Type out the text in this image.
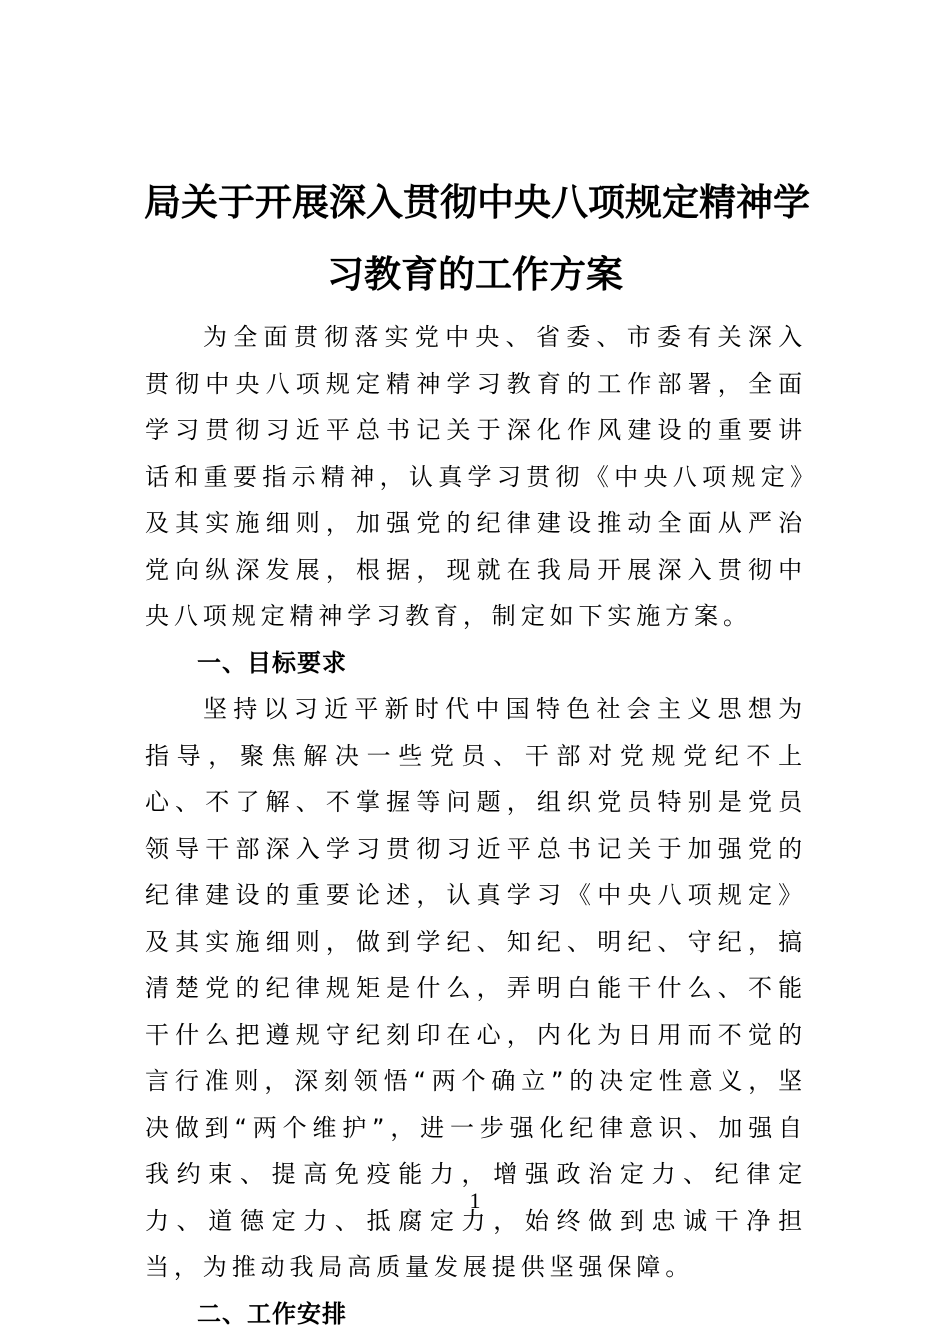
局关于开展深入贯彻中央八项规定精神学
习教育的工作方案

为全面贯彻落实党中央、省委、市委有关深入贯彻中央八项规定精神学习教育的工作部署，全面学习贯彻习近平总书记关于深化作风建设的重要讲话和重要指示精神，认真学习贯彻《中央八项规定》及其实施细则，加强党的纪律建设推动全面从严治党向纵深发展，根据，现就在我局开展深入贯彻中央八项规定精神学习教育，制定如下实施方案。

一、目标要求

坚持以习近平新时代中国特色社会主义思想为指导，聚焦解决一些党员、干部对党规党纪不上心、不了解、不掌握等问题，组织党员特别是党员领导干部深入学习贯彻习近平总书记关于加强党的纪律建设的重要论述，认真学习《中央八项规定》及其实施细则，做到学纪、知纪、明纪、守纪，搞清楚党的纪律规矩是什么，弄明白能干什么、不能干什么把遵规守纪刻印在心，内化为日用而不觉的言行准则，深刻领悟“两个确立”的决定性意义，坚决做到“两个维护”，进一步强化纪律意识、加强自我约束、提高免疫能力，增强政治定力、纪律定力、道德定力、抵腐定力，始终做到忠诚干净担当，为推动我局高质量发展提供坚强保障。

二、工作安排

1
